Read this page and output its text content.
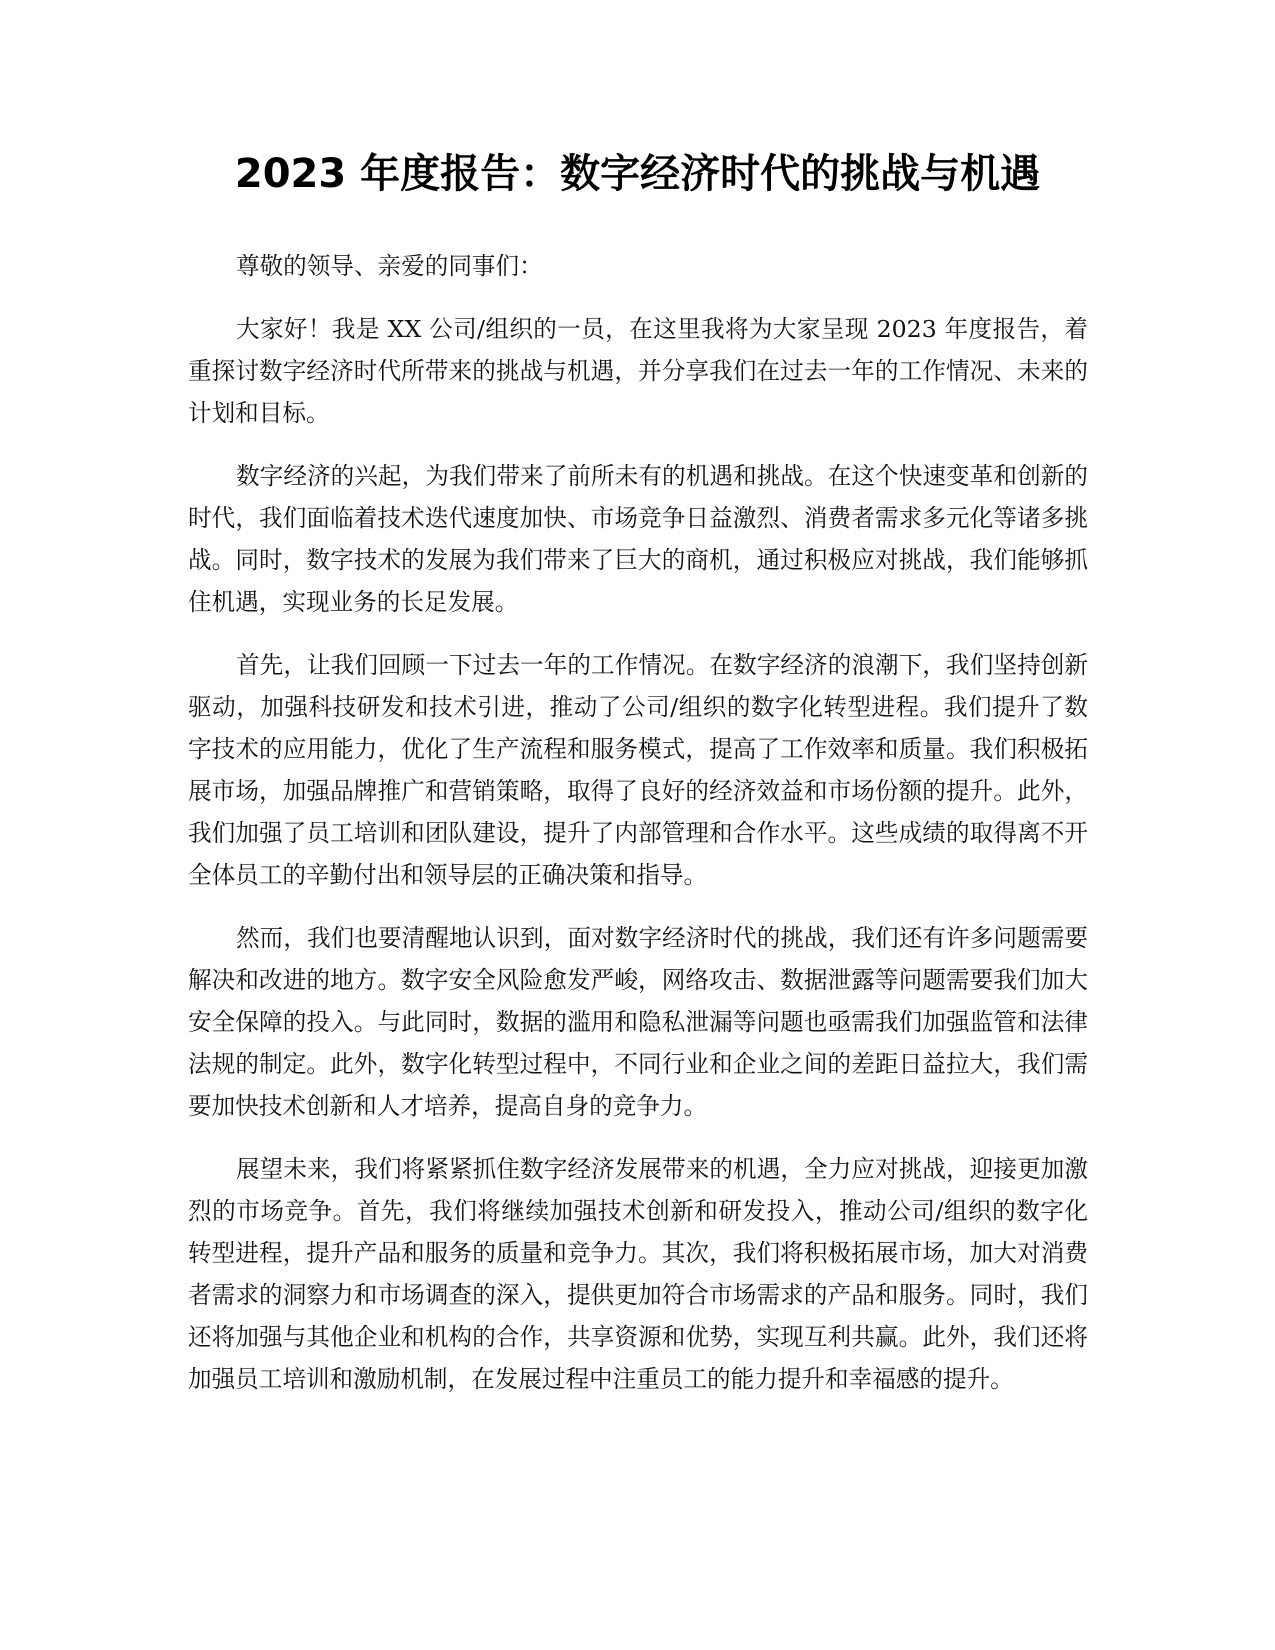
2023 年度报告：数字经济时代的挑战与机遇

尊敬的领导、亲爱的同事们：

大家好！我是 XX 公司/组织的一员，在这里我将为大家呈现 2023 年度报告，着重探讨数字经济时代所带来的挑战与机遇，并分享我们在过去一年的工作情况、未来的计划和目标。

数字经济的兴起，为我们带来了前所未有的机遇和挑战。在这个快速变革和创新的时代，我们面临着技术迭代速度加快、市场竞争日益激烈、消费者需求多元化等诸多挑战。同时，数字技术的发展为我们带来了巨大的商机，通过积极应对挑战，我们能够抓住机遇，实现业务的长足发展。

首先，让我们回顾一下过去一年的工作情况。在数字经济的浪潮下，我们坚持创新驱动，加强科技研发和技术引进，推动了公司/组织的数字化转型进程。我们提升了数字技术的应用能力，优化了生产流程和服务模式，提高了工作效率和质量。我们积极拓展市场，加强品牌推广和营销策略，取得了良好的经济效益和市场份额的提升。此外，我们加强了员工培训和团队建设，提升了内部管理和合作水平。这些成绩的取得离不开全体员工的辛勤付出和领导层的正确决策和指导。

然而，我们也要清醒地认识到，面对数字经济时代的挑战，我们还有许多问题需要解决和改进的地方。数字安全风险愈发严峻，网络攻击、数据泄露等问题需要我们加大安全保障的投入。与此同时，数据的滥用和隐私泄漏等问题也亟需我们加强监管和法律法规的制定。此外，数字化转型过程中，不同行业和企业之间的差距日益拉大，我们需要加快技术创新和人才培养，提高自身的竞争力。

展望未来，我们将紧紧抓住数字经济发展带来的机遇，全力应对挑战，迎接更加激烈的市场竞争。首先，我们将继续加强技术创新和研发投入，推动公司/组织的数字化转型进程，提升产品和服务的质量和竞争力。其次，我们将积极拓展市场，加大对消费者需求的洞察力和市场调查的深入，提供更加符合市场需求的产品和服务。同时，我们还将加强与其他企业和机构的合作，共享资源和优势，实现互利共赢。此外，我们还将加强员工培训和激励机制，在发展过程中注重员工的能力提升和幸福感的提升。
